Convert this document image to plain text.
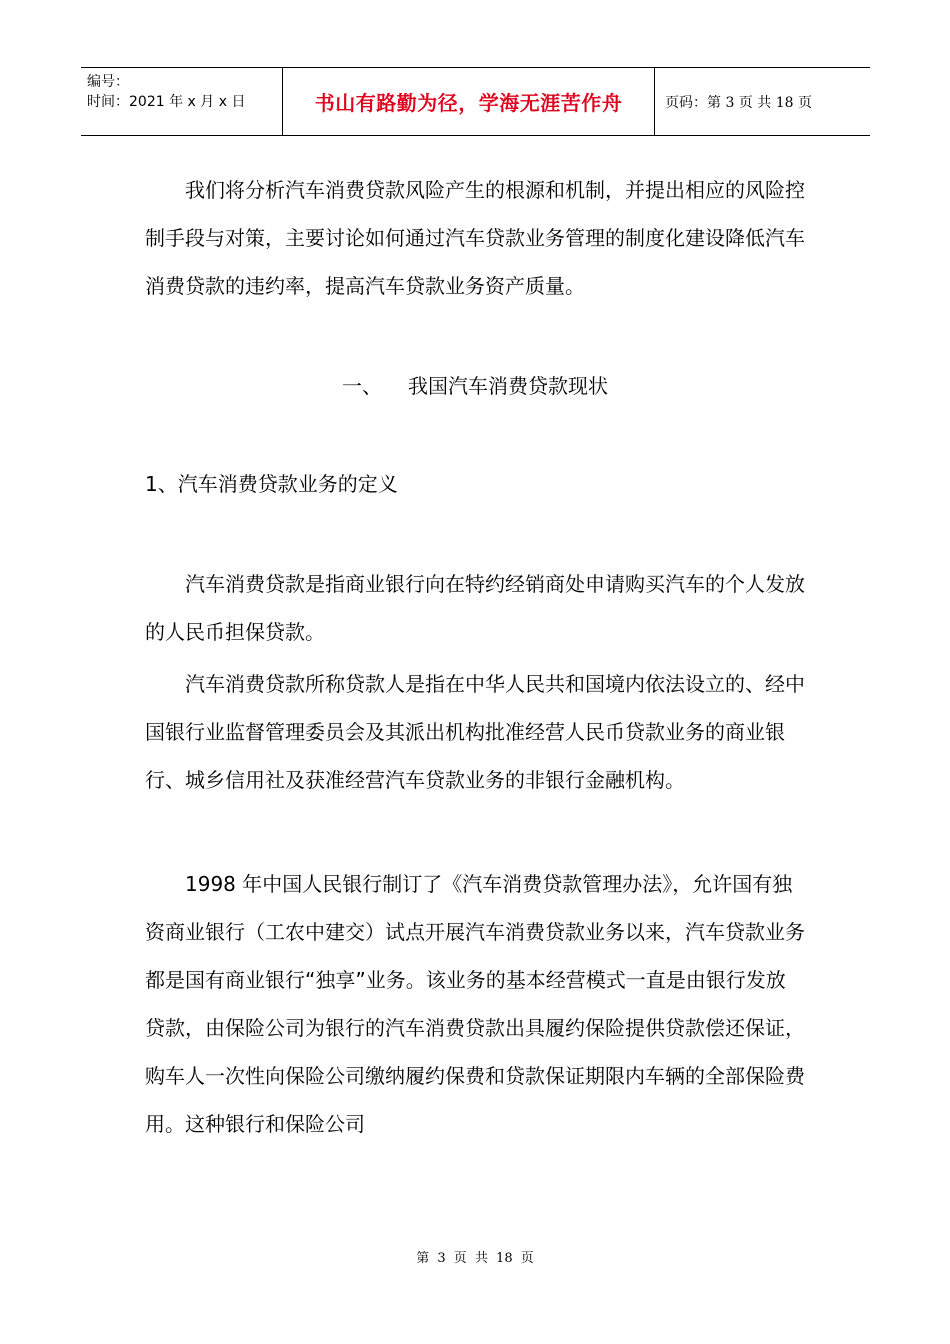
编号：
时间：2021 年 x 月 x 日	书山有路勤为径，学海无涯苦作舟	页码：第 3 页 共 18 页

我们将分析汽车消费贷款风险产生的根源和机制，并提出相应的风险控制手段与对策，主要讨论如何通过汽车贷款业务管理的制度化建设降低汽车消费贷款的违约率，提高汽车贷款业务资产质量。

一、 我国汽车消费贷款现状
1、汽车消费贷款业务的定义

汽车消费贷款是指商业银行向在特约经销商处申请购买汽车的个人发放的人民币担保贷款。

汽车消费贷款所称贷款人是指在中华人民共和国境内依法设立的、经中国银行业监督管理委员会及其派出机构批准经营人民币贷款业务的商业银行、城乡信用社及获准经营汽车贷款业务的非银行金融机构。

1998 年中国人民银行制订了《汽车消费贷款管理办法》，允许国有独资商业银行（工农中建交）试点开展汽车消费贷款业务以来，汽车贷款业务都是国有商业银行“独享”业务。该业务的基本经营模式一直是由银行发放贷款，由保险公司为银行的汽车消费贷款出具履约保险提供贷款偿还保证，购车人一次性向保险公司缴纳履约保费和贷款保证期限内车辆的全部保险费用。这种银行和保险公司

第 3 页 共 18 页
